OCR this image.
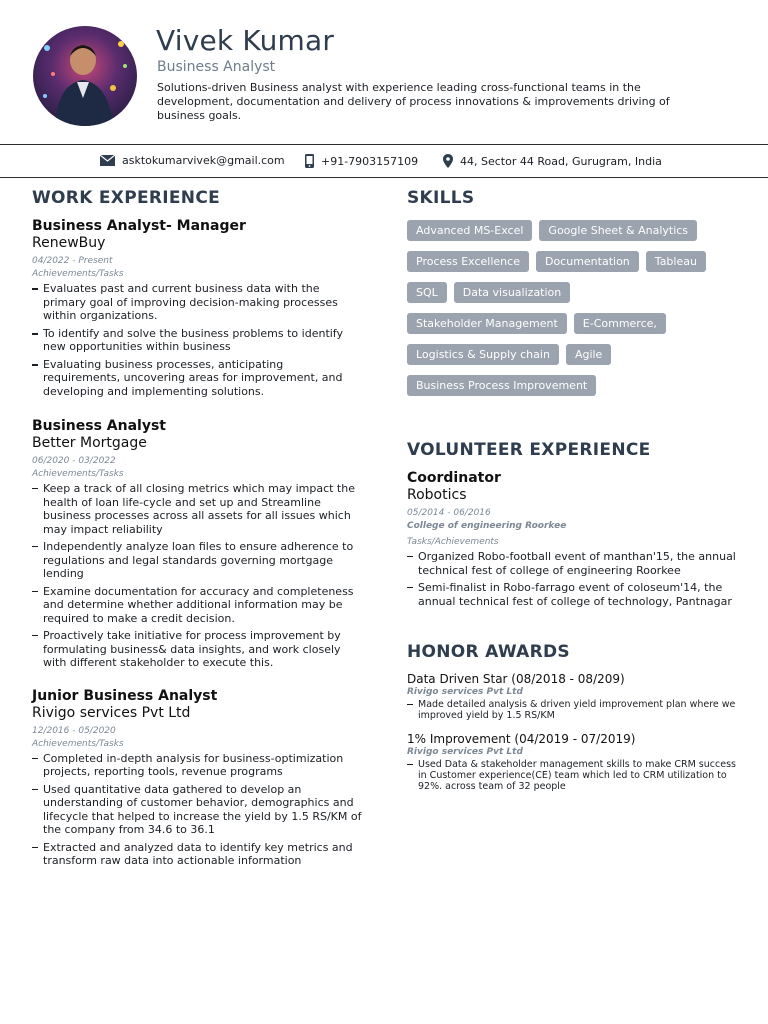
Vivek Kumar
Business Analyst
Solutions-driven Business analyst with experience leading cross-functional teams in the development, documentation and delivery of process innovations & improvements driving of business goals.
asktokumarvivek@gmail.com	+91-7903157109	44, Sector 44 Road, Gurugram, India
WORK EXPERIENCE
Business Analyst- Manager
RenewBuy
04/2022 - Present
Achievements/Tasks
Evaluates past and current business data with the primary goal of improving decision-making processes within organizations.
To identify and solve the business problems to identify new opportunities within business
Evaluating business processes, anticipating requirements, uncovering areas for improvement, and developing and implementing solutions.
Business Analyst
Better Mortgage
06/2020 - 03/2022
Achievements/Tasks
Keep a track of all closing metrics which may impact the health of loan life-cycle and set up and Streamline business processes across all assets for all issues which may impact reliability
Independently analyze loan files to ensure adherence to regulations and legal standards governing mortgage lending
Examine documentation for accuracy and completeness and determine whether additional information may be required to make a credit decision.
Proactively take initiative for process improvement by formulating business& data insights, and work closely with different stakeholder to execute this.
Junior Business Analyst
Rivigo services Pvt Ltd
12/2016 - 05/2020
Achievements/Tasks
Completed in-depth analysis for business-optimization projects, reporting tools, revenue programs
Used quantitative data gathered to develop an understanding of customer behavior, demographics and lifecycle that helped to increase the yield by 1.5 RS/KM of the company from 34.6 to 36.1
Extracted and analyzed data to identify key metrics and transform raw data into actionable information
SKILLS
Advanced MS-Excel	Google Sheet & Analytics
Process Excellence	Documentation	Tableau
SQL	Data visualization
Stakeholder Management	E-Commerce,
Logistics & Supply chain	Agile
Business Process Improvement
VOLUNTEER EXPERIENCE
Coordinator
Robotics
05/2014 - 06/2016
College of engineering Roorkee
Tasks/Achievements
Organized Robo-football event of manthan'15, the annual technical fest of college of engineering Roorkee
Semi-finalist in Robo-farrago event of coloseum'14, the annual technical fest of college of technology, Pantnagar
HONOR AWARDS
Data Driven Star (08/2018 - 08/209)
Rivigo services Pvt Ltd
Made detailed analysis & driven yield improvement plan where we improved yield by 1.5 RS/KM
1% Improvement (04/2019 - 07/2019)
Rivigo services Pvt Ltd
Used Data & stakeholder management skills to make CRM success in Customer experience(CE) team which led to CRM utilization to 92%. across team of 32 people
